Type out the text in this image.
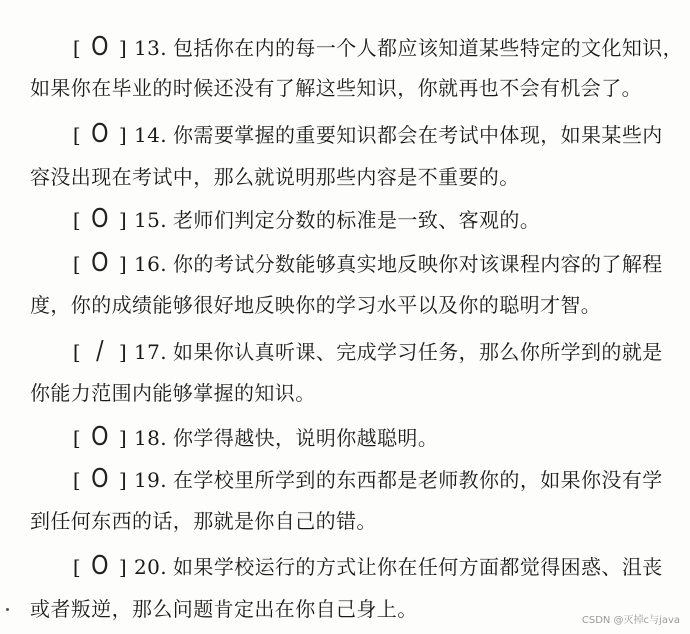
[ O ] 13. 包括你在内的每一个人都应该知道某些特定的文化知识，
如果你在毕业的时候还没有了解这些知识，你就再也不会有机会了。
[ O ] 14. 你需要掌握的重要知识都会在考试中体现，如果某些内
容没出现在考试中，那么就说明那些内容是不重要的。
[ O ] 15. 老师们判定分数的标准是一致、客观的。
[ O ] 16. 你的考试分数能够真实地反映你对该课程内容的了解程
度，你的成绩能够很好地反映你的学习水平以及你的聪明才智。
[ / ] 17. 如果你认真听课、完成学习任务，那么你所学到的就是
你能力范围内能够掌握的知识。
[ O ] 18. 你学得越快，说明你越聪明。
[ O ] 19. 在学校里所学到的东西都是老师教你的，如果你没有学
到任何东西的话，那就是你自己的错。
[ O ] 20. 如果学校运行的方式让你在任何方面都觉得困惑、沮丧
或者叛逆，那么问题肯定出在你自己身上。	CSDN @灭掉c与java
